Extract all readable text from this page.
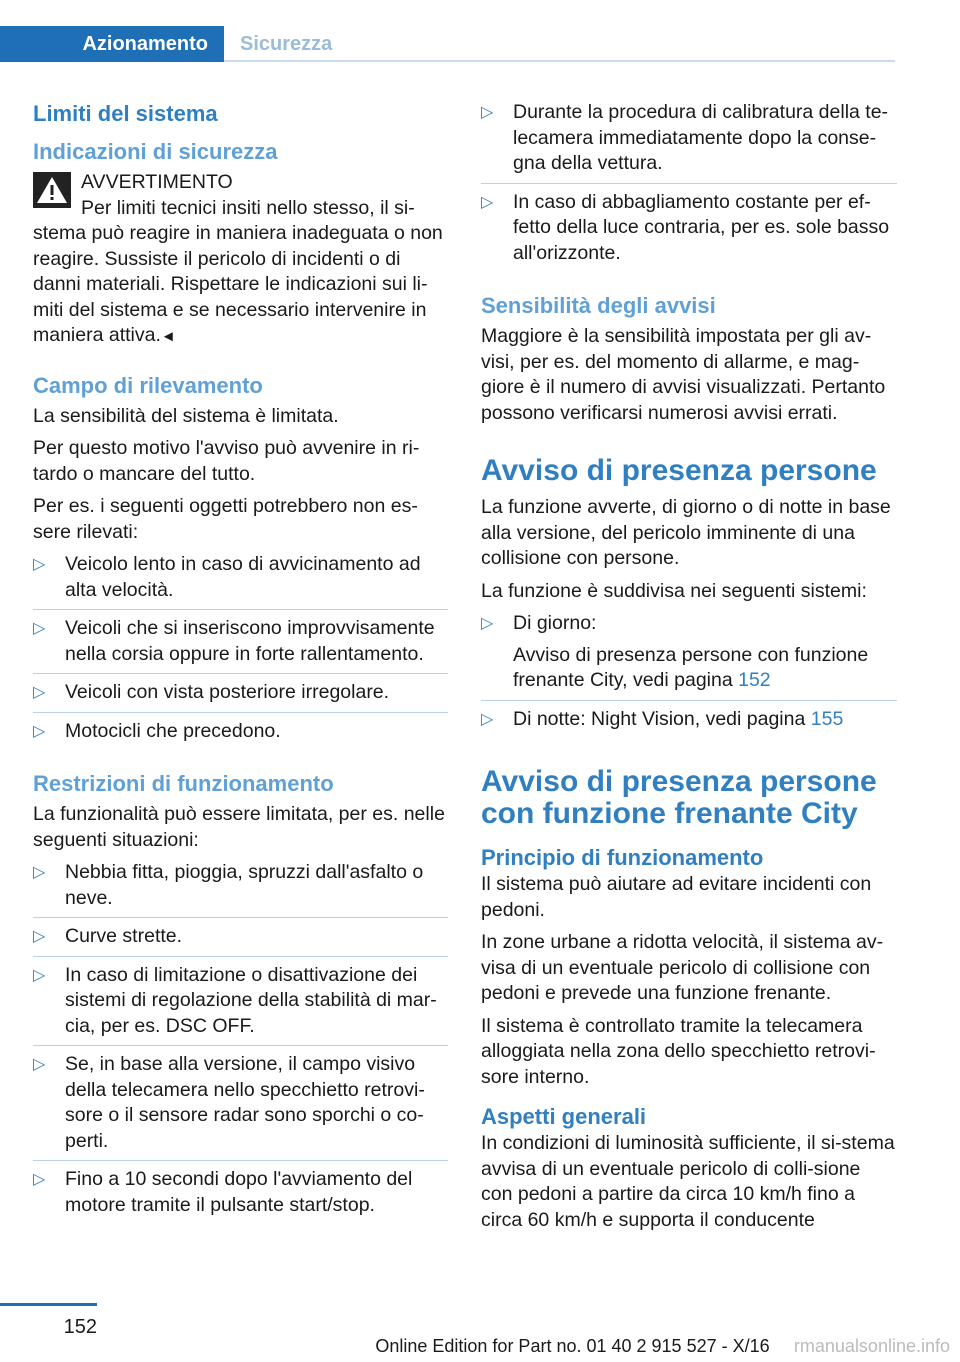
Azionamento	Sicurezza
Limiti del sistema
Indicazioni di sicurezza
AVVERTIMENTO
Per limiti tecnici insiti nello stesso, il si-
stema può reagire in maniera inadeguata o non reagire. Sussiste il pericolo di incidenti o di danni materiali. Rispettare le indicazioni sui li-miti del sistema e se necessario intervenire in maniera attiva.◄
Campo di rilevamento

La sensibilità del sistema è limitata.

Per questo motivo l'avviso può avvenire in ri-tardo o mancare del tutto.

Per es. i seguenti oggetti potrebbero non es-sere rilevati:

▷ Veicolo lento in caso di avvicinamento ad alta velocità.
▷ Veicoli che si inseriscono improvvisamente nella corsia oppure in forte rallentamento.
▷ Veicoli con vista posteriore irregolare.
▷ Motocicli che precedono.
Restrizioni di funzionamento

La funzionalità può essere limitata, per es. nelle seguenti situazioni:

▷ Nebbia fitta, pioggia, spruzzi dall'asfalto o neve.
▷ Curve strette.
▷ In caso di limitazione o disattivazione dei sistemi di regolazione della stabilità di mar-cia, per es. DSC OFF.
▷ Se, in base alla versione, il campo visivo della telecamera nello specchietto retrovi-sore o il sensore radar sono sporchi o co-perti.
▷ Fino a 10 secondi dopo l'avviamento del motore tramite il pulsante start/stop.
▷ Durante la procedura di calibratura della te-lecamera immediatamente dopo la conse-gna della vettura.
▷ In caso di abbagliamento costante per ef-fetto della luce contraria, per es. sole basso all'orizzonte.
Sensibilità degli avvisi

Maggiore è la sensibilità impostata per gli av-visi, per es. del momento di allarme, e mag-giore è il numero di avvisi visualizzati. Pertanto possono verificarsi numerosi avvisi errati.

Avviso di presenza persone

La funzione avverte, di giorno o di notte in base alla versione, del pericolo imminente di una collisione con persone.

La funzione è suddivisa nei seguenti sistemi:

▷ Di giorno:
Avviso di presenza persone con funzione frenante City, vedi pagina 152
▷ Di notte: Night Vision, vedi pagina 155
Avviso di presenza persone con funzione frenante City
Principio di funzionamento

Il sistema può aiutare ad evitare incidenti con pedoni.

In zone urbane a ridotta velocità, il sistema av-visa di un eventuale pericolo di collisione con pedoni e prevede una funzione frenante.

Il sistema è controllato tramite la telecamera alloggiata nella zona dello specchietto retrovi-sore interno.

Aspetti generali

In condizioni di luminosità sufficiente, il si-stema avvisa di un eventuale pericolo di colli-sione con pedoni a partire da circa 10 km/h fino a circa 60 km/h e supporta il conducente

152
Online Edition for Part no. 01 40 2 915 527 - X/16	rmanualsonline.info
